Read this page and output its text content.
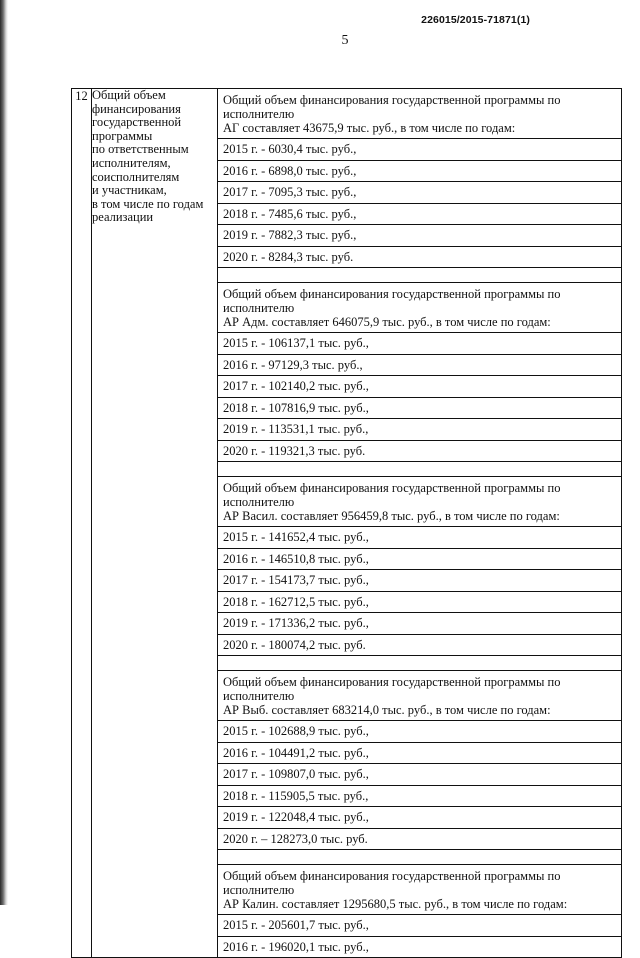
226015/2015-71871(1)
5
12	Общий объем
финансирования
государственной
программы
по ответственным
исполнителям,
соисполнителям
и участникам,
в том числе по годам
реализации

Общий объем финансирования государственной программы по исполнителю
АГ составляет 43675,9 тыс. руб., в том числе по годам:
2015 г. - 6030,4 тыс. руб.,
2016 г. - 6898,0 тыс. руб.,
2017 г. - 7095,3 тыс. руб.,
2018 г. - 7485,6 тыс. руб.,
2019 г. - 7882,3 тыс. руб.,
2020 г. - 8284,3 тыс. руб.
Общий объем финансирования государственной программы по исполнителю
АР Адм. составляет 646075,9 тыс. руб., в том числе по годам:
2015 г. - 106137,1 тыс. руб.,
2016 г. - 97129,3 тыс. руб.,
2017 г. - 102140,2 тыс. руб.,
2018 г. - 107816,9 тыс. руб.,
2019 г. - 113531,1 тыс. руб.,
2020 г. - 119321,3 тыс. руб.
Общий объем финансирования государственной программы по исполнителю
АР Васил. составляет 956459,8 тыс. руб., в том числе по годам:
2015 г. - 141652,4 тыс. руб.,
2016 г. - 146510,8 тыс. руб.,
2017 г. - 154173,7 тыс. руб.,
2018 г. - 162712,5 тыс. руб.,
2019 г. - 171336,2 тыс. руб.,
2020 г. - 180074,2 тыс. руб.
Общий объем финансирования государственной программы по исполнителю
АР Выб. составляет 683214,0 тыс. руб., в том числе по годам:
2015 г. - 102688,9 тыс. руб.,
2016 г. - 104491,2 тыс. руб.,
2017 г. - 109807,0 тыс. руб.,
2018 г. - 115905,5 тыс. руб.,
2019 г. - 122048,4 тыс. руб.,
2020 г. – 128273,0 тыс. руб.
Общий объем финансирования государственной программы по исполнителю
АР Калин. составляет 1295680,5 тыс. руб., в том числе по годам:
2015 г. - 205601,7 тыс. руб.,
2016 г. - 196020,1 тыс. руб.,
